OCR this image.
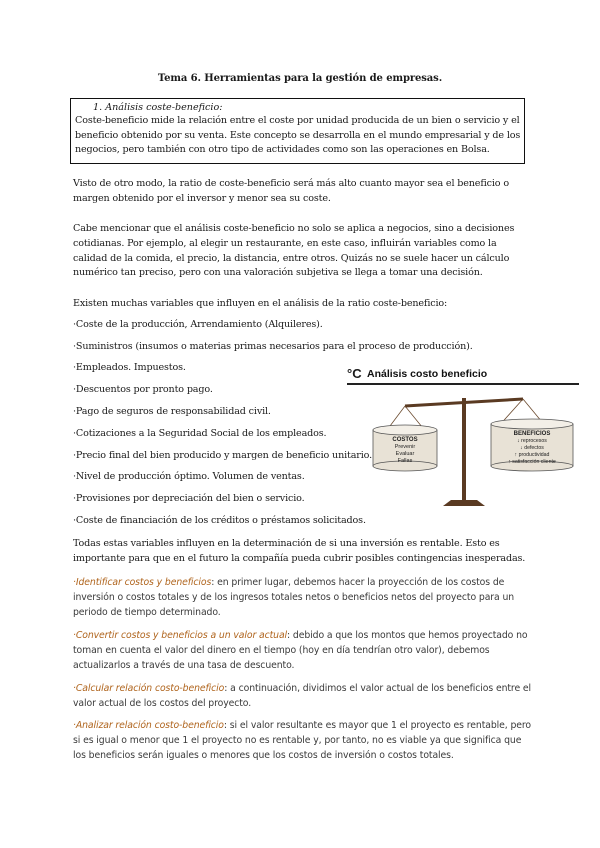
Tema 6. Herramientas para la gestión de empresas.
1. Análisis coste-beneficio:
Coste-beneficio mide la relación entre el coste por unidad producida de un bien o servicio y el beneficio obtenido por su venta. Este concepto se desarrolla en el mundo empresarial y de los negocios, pero también con otro tipo de actividades como son las operaciones en Bolsa.
Visto de otro modo, la ratio de coste-beneficio será más alto cuanto mayor sea el beneficio o margen obtenido por el inversor y menor sea su coste.
Cabe mencionar que el análisis coste-beneficio no solo se aplica a negocios, sino a decisiones cotidianas. Por ejemplo, al elegir un restaurante, en este caso, influirán variables como la calidad de la comida, el precio, la distancia, entre otros. Quizás no se suele hacer un cálculo numérico tan preciso, pero con una valoración subjetiva se llega a tomar una decisión.
Existen muchas variables que influyen en el análisis de la ratio coste-beneficio:
·Coste de la producción, Arrendamiento (Alquileres).
·Suministros (insumos o materias primas necesarios para el proceso de producción).
·Empleados. Impuestos.
·Descuentos por pronto pago.
·Pago de seguros de responsabilidad civil.
·Cotizaciones a la Seguridad Social de los empleados.
·Precio final del bien producido y margen de beneficio unitario.
·Nivel de producción óptimo. Volumen de ventas.
·Provisiones por depreciación del bien o servicio.
·Coste de financiación de los créditos o préstamos solicitados.
°C Análisis costo beneficio
COSTOS
Prevenir
Evaluar
Fallas
BENEFICIOS
↓ reprocesos
↓ defectos
↑ productividad
↑ satisfacción cliente
Todas estas variables influyen en la determinación de si una inversión es rentable. Esto es importante para que en el futuro la compañía pueda cubrir posibles contingencias inesperadas.
·Identificar costos y beneficios: en primer lugar, debemos hacer la proyección de los costos de inversión o costos totales y de los ingresos totales netos o beneficios netos del proyecto para un periodo de tiempo determinado.
·Convertir costos y beneficios a un valor actual: debido a que los montos que hemos proyectado no toman en cuenta el valor del dinero en el tiempo (hoy en día tendrían otro valor), debemos actualizarlos a través de una tasa de descuento.
·Calcular relación costo-beneficio: a continuación, dividimos el valor actual de los beneficios entre el valor actual de los costos del proyecto.
·Analizar relación costo-beneficio: si el valor resultante es mayor que 1 el proyecto es rentable, pero si es igual o menor que 1 el proyecto no es rentable y, por tanto, no es viable ya que significa que los beneficios serán iguales o menores que los costos de inversión o costos totales.
